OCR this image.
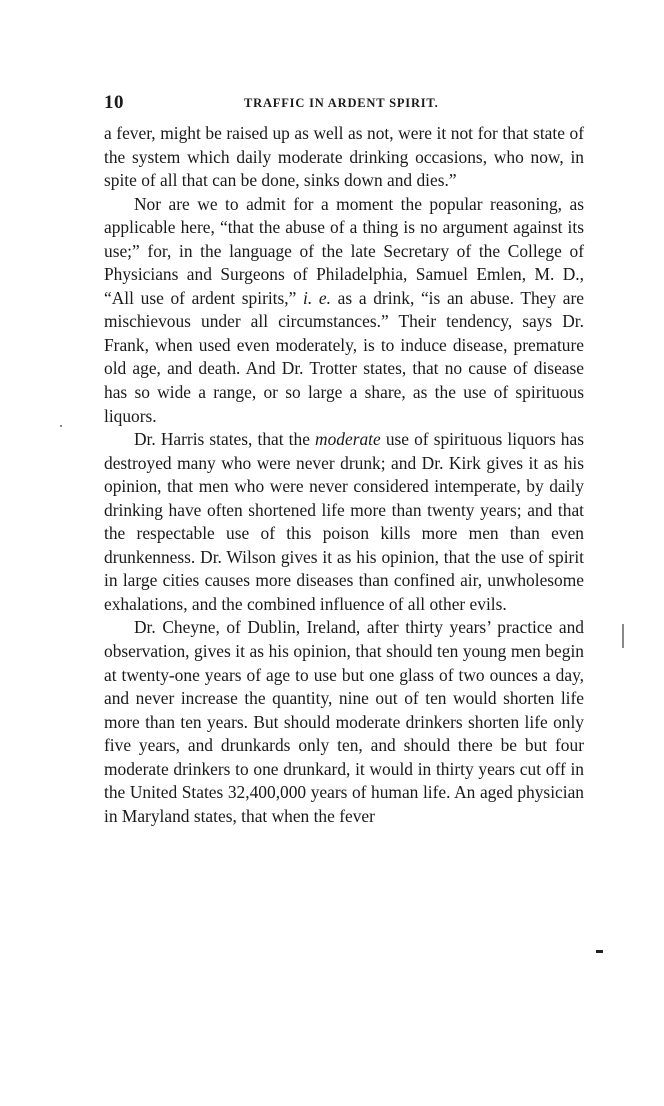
10	TRAFFIC IN ARDENT SPIRIT.

a fever, might be raised up as well as not, were it not for that state of the system which daily moderate drinking occasions, who now, in spite of all that can be done, sinks down and dies.”

Nor are we to admit for a moment the popular reasoning, as applicable here, “that the abuse of a thing is no argument against its use;” for, in the language of the late Secretary of the College of Physicians and Surgeons of Philadelphia, Samuel Emlen, M. D., “All use of ardent spirits,” i. e. as a drink, “is an abuse. They are mischievous under all circumstances.” Their tendency, says Dr. Frank, when used even moderately, is to induce disease, premature old age, and death. And Dr. Trotter states, that no cause of disease has so wide a range, or so large a share, as the use of spirituous liquors.

Dr. Harris states, that the moderate use of spirituous liquors has destroyed many who were never drunk; and Dr. Kirk gives it as his opinion, that men who were never considered intemperate, by daily drinking have often shortened life more than twenty years; and that the respectable use of this poison kills more men than even drunkenness. Dr. Wilson gives it as his opinion, that the use of spirit in large cities causes more diseases than confined air, unwholesome exhalations, and the combined influence of all other evils.

Dr. Cheyne, of Dublin, Ireland, after thirty years’ practice and observation, gives it as his opinion, that should ten young men begin at twenty-one years of age to use but one glass of two ounces a day, and never increase the quantity, nine out of ten would shorten life more than ten years. But should moderate drinkers shorten life only five years, and drunkards only ten, and should there be but four moderate drinkers to one drunkard, it would in thirty years cut off in the United States 32,400,000 years of human life. An aged physician in Maryland states, that when the fever
